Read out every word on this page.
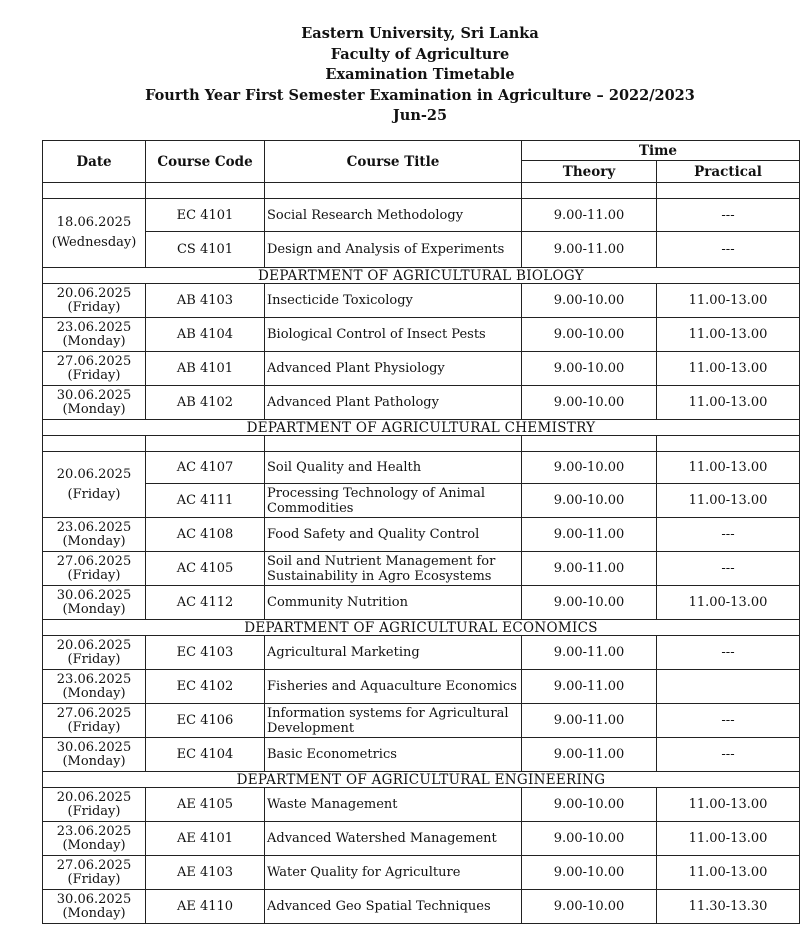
Eastern University, Sri Lanka
Faculty of Agriculture
Examination Timetable
Fourth Year First Semester Examination in Agriculture – 2022/2023
Jun-25
Date	Course Code	Course Title	Time	
			Theory	Practical

18.06.2025
(Wednesday)	EC 4101	Social Research Methodology	9.00-11.00	---
	CS 4101	Design and Analysis of Experiments	9.00-11.00	---
DEPARTMENT OF AGRICULTURAL BIOLOGY				

20.06.2025
(Friday)	AB 4103	Insecticide Toxicology	9.00-10.00	11.00-13.00

23.06.2025
(Monday)	AB 4104	Biological Control of Insect Pests	9.00-10.00	11.00-13.00

27.06.2025
(Friday)	AB 4101	Advanced Plant Physiology	9.00-10.00	11.00-13.00

30.06.2025
(Monday)	AB 4102	Advanced Plant Pathology	9.00-10.00	11.00-13.00
DEPARTMENT OF AGRICULTURAL CHEMISTRY				

20.06.2025
(Friday)	AC 4107	Soil Quality and Health	9.00-10.00	11.00-13.00
	AC 4111	Processing Technology of Animal Commodities	9.00-10.00	11.00-13.00

23.06.2025
(Monday)	AC 4108	Food Safety and Quality Control	9.00-11.00	---

27.06.2025
(Friday)	AC 4105	Soil and Nutrient Management for Sustainability in Agro Ecosystems	9.00-11.00	---

30.06.2025
(Monday)	AC 4112	Community Nutrition	9.00-10.00	11.00-13.00
DEPARTMENT OF AGRICULTURAL ECONOMICS				

20.06.2025
(Friday)	EC 4103	Agricultural Marketing	9.00-11.00	---

23.06.2025
(Monday)	EC 4102	Fisheries and Aquaculture Economics	9.00-11.00	

27.06.2025
(Friday)	EC 4106	Information systems for Agricultural Development	9.00-11.00	---

30.06.2025
(Monday)	EC 4104	Basic Econometrics	9.00-11.00	---
DEPARTMENT OF AGRICULTURAL ENGINEERING				

20.06.2025
(Friday)	AE 4105	Waste Management	9.00-10.00	11.00-13.00

23.06.2025
(Monday)	AE 4101	Advanced Watershed Management	9.00-10.00	11.00-13.00

27.06.2025
(Friday)	AE 4103	Water Quality for Agriculture	9.00-10.00	11.00-13.00

30.06.2025
(Monday)	AE 4110	Advanced Geo Spatial Techniques	9.00-10.00	11.30-13.30
